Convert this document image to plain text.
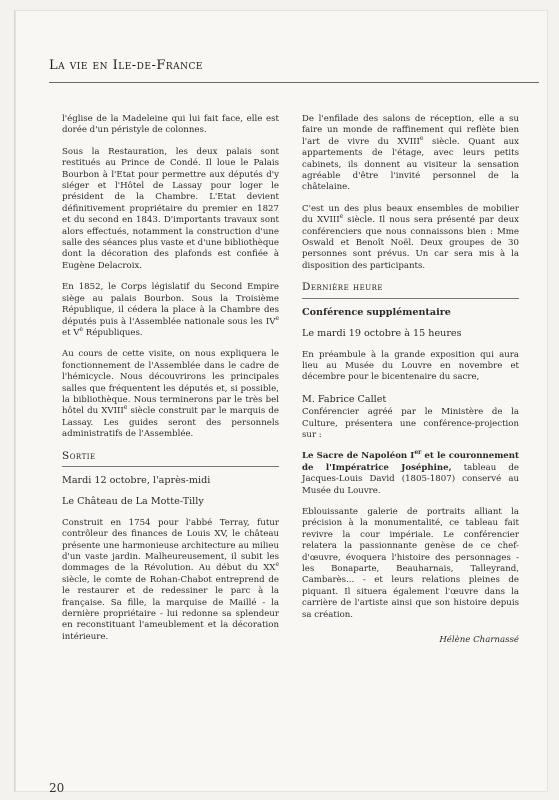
La vie en Ile-de-France

l'église de la Madeleine qui lui fait face, elle est dorée d'un péristyle de colonnes.

Sous la Restauration, les deux palais sont restitués au Prince de Condé. Il loue le Palais Bourbon à l'Etat pour permettre aux députés d'y siéger et l'Hôtel de Lassay pour loger le président de la Chambre. L'Etat devient définitivement propriétaire du premier en 1827 et du second en 1843. D'importants travaux sont alors effectués, notamment la construction d'une salle des séances plus vaste et d'une bibliothèque dont la décoration des plafonds est confiée à Eugène Delacroix.

En 1852, le Corps législatif du Second Empire siège au palais Bourbon. Sous la Troisième République, il cédera la place à la Chambre des députés puis à l'Assemblée nationale sous les IVe et Ve Républiques.

Au cours de cette visite, on nous expliquera le fonctionnement de l'Assemblée dans le cadre de l'hémicycle. Nous découvrirons les principales salles que fréquentent les députés et, si possible, la bibliothèque. Nous terminerons par le très bel hôtel du XVIIIe siècle construit par le marquis de Lassay. Les guides seront des personnels administratifs de l'Assemblée.

Sortie
Mardi 12 octobre, l'après-midi
Le Château de La Motte-Tilly

Construit en 1754 pour l'abbé Terray, futur contrôleur des finances de Louis XV, le château présente une harmonieuse architecture au milieu d'un vaste jardin. Malheureusement, il subit les dommages de la Révolution. Au début du XXe siècle, le comte de Rohan-Chabot entreprend de le restaurer et de redessiner le parc à la française. Sa fille, la marquise de Maillé - la dernière propriétaire - lui redonne sa splendeur en reconstituant l'ameublement et la décoration intérieure.

De l'enfilade des salons de réception, elle a su faire un monde de raffinement qui reflète bien l'art de vivre du XVIIIe siècle. Quant aux appartements de l'étage, avec leurs petits cabinets, ils donnent au visiteur la sensation agréable d'être l'invité personnel de la châtelaine.

C'est un des plus beaux ensembles de mobilier du XVIIIe siècle. Il nous sera présenté par deux conférenciers que nous connaissons bien : Mme Oswald et Benoît Noël. Deux groupes de 30 personnes sont prévus. Un car sera mis à la disposition des participants.

Dernière heure
Conférence supplémentaire
Le mardi 19 octobre à 15 heures

En préambule à la grande exposition qui aura lieu au Musée du Louvre en novembre et décembre pour le bicentenaire du sacre,

M. Fabrice Callet

Conférencier agréé par le Ministère de la Culture, présentera une conférence-projection sur :

Le Sacre de Napoléon Ier et le couronnement de l'Impératrice Joséphine, tableau de Jacques-Louis David (1805-1807) conservé au Musée du Louvre.

Eblouissante galerie de portraits alliant la précision à la monumentalité, ce tableau fait revivre la cour impériale. Le conférencier relatera la passionnante genèse de ce chef-d'œuvre, évoquera l'histoire des personnages - les Bonaparte, Beauharnais, Talleyrand, Cambarès... - et leurs relations pleines de piquant. Il situera également l'œuvre dans la carrière de l'artiste ainsi que son histoire depuis sa création.

Hélène Charnassé
20
